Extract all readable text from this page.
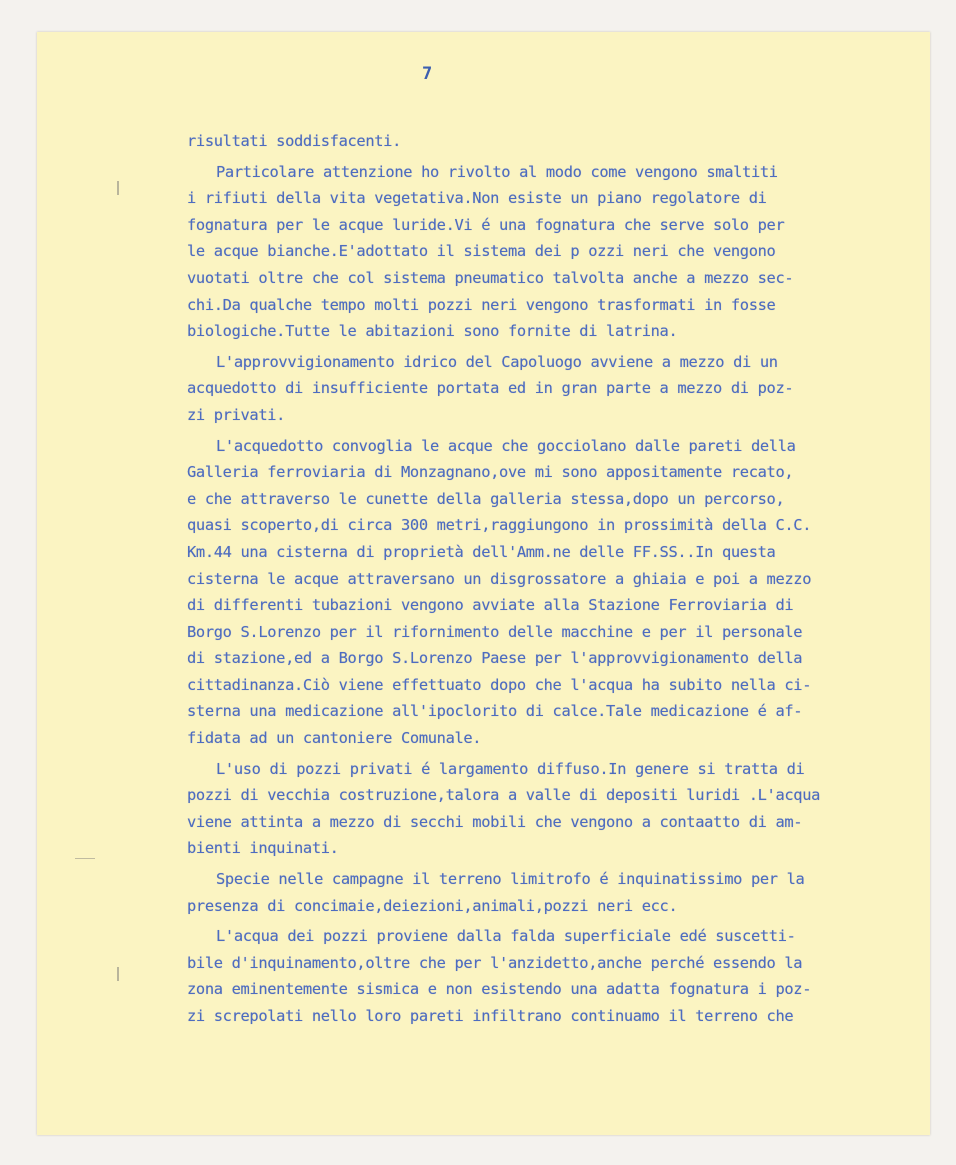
7
risultati soddisfacenti.
Particolare attenzione ho rivolto al modo come vengono smaltiti
i rifiuti della vita vegetativa.Non esiste un piano regolatore di
fognatura per le acque luride.Vi é una fognatura che serve solo per
le acque bianche.E'adottato il sistema dei p ozzi neri che vengono
vuotati oltre che col sistema pneumatico talvolta anche a mezzo sec-
chi.Da qualche tempo molti pozzi neri vengono trasformati in fosse
biologiche.Tutte le abitazioni sono fornite di latrina.
L'approvvigionamento idrico del Capoluogo avviene a mezzo di un
acquedotto di insufficiente portata ed in gran parte a mezzo di poz-
zi privati.
L'acquedotto convoglia le acque che gocciolano dalle pareti della
Galleria ferroviaria di Monzagnano,ove mi sono appositamente recato,
e che attraverso le cunette della galleria stessa,dopo un percorso,
quasi scoperto,di circa 300 metri,raggiungono in prossimità della C.C.
Km.44 una cisterna di proprietà dell'Amm.ne delle FF.SS..In questa
cisterna le acque attraversano un disgrossatore a ghiaia e poi a mezzo
di differenti tubazioni vengono avviate alla Stazione Ferroviaria di
Borgo S.Lorenzo per il rifornimento delle macchine e per il personale
di stazione,ed a Borgo S.Lorenzo Paese per l'approvvigionamento della
cittadinanza.Ciò viene effettuato dopo che l'acqua ha subito nella ci-
sterna una medicazione all'ipoclorito di calce.Tale medicazione é af-
fidata ad un cantoniere Comunale.
L'uso di pozzi privati é largamento diffuso.In genere si tratta di
pozzi di vecchia costruzione,talora a valle di depositi luridi .L'acqua
viene attinta a mezzo di secchi mobili che vengono a contaatto di am-
bienti inquinati.
Specie nelle campagne il terreno limitrofo é inquinatissimo per la
presenza di concimaie,deiezioni,animali,pozzi neri ecc.
L'acqua dei pozzi proviene dalla falda superficiale edé suscetti-
bile d'inquinamento,oltre che per l'anzidetto,anche perché essendo la
zona eminentemente sismica e non esistendo una adatta fognatura i poz-
zi screpolati nello loro pareti infiltrano continuamo il terreno che
